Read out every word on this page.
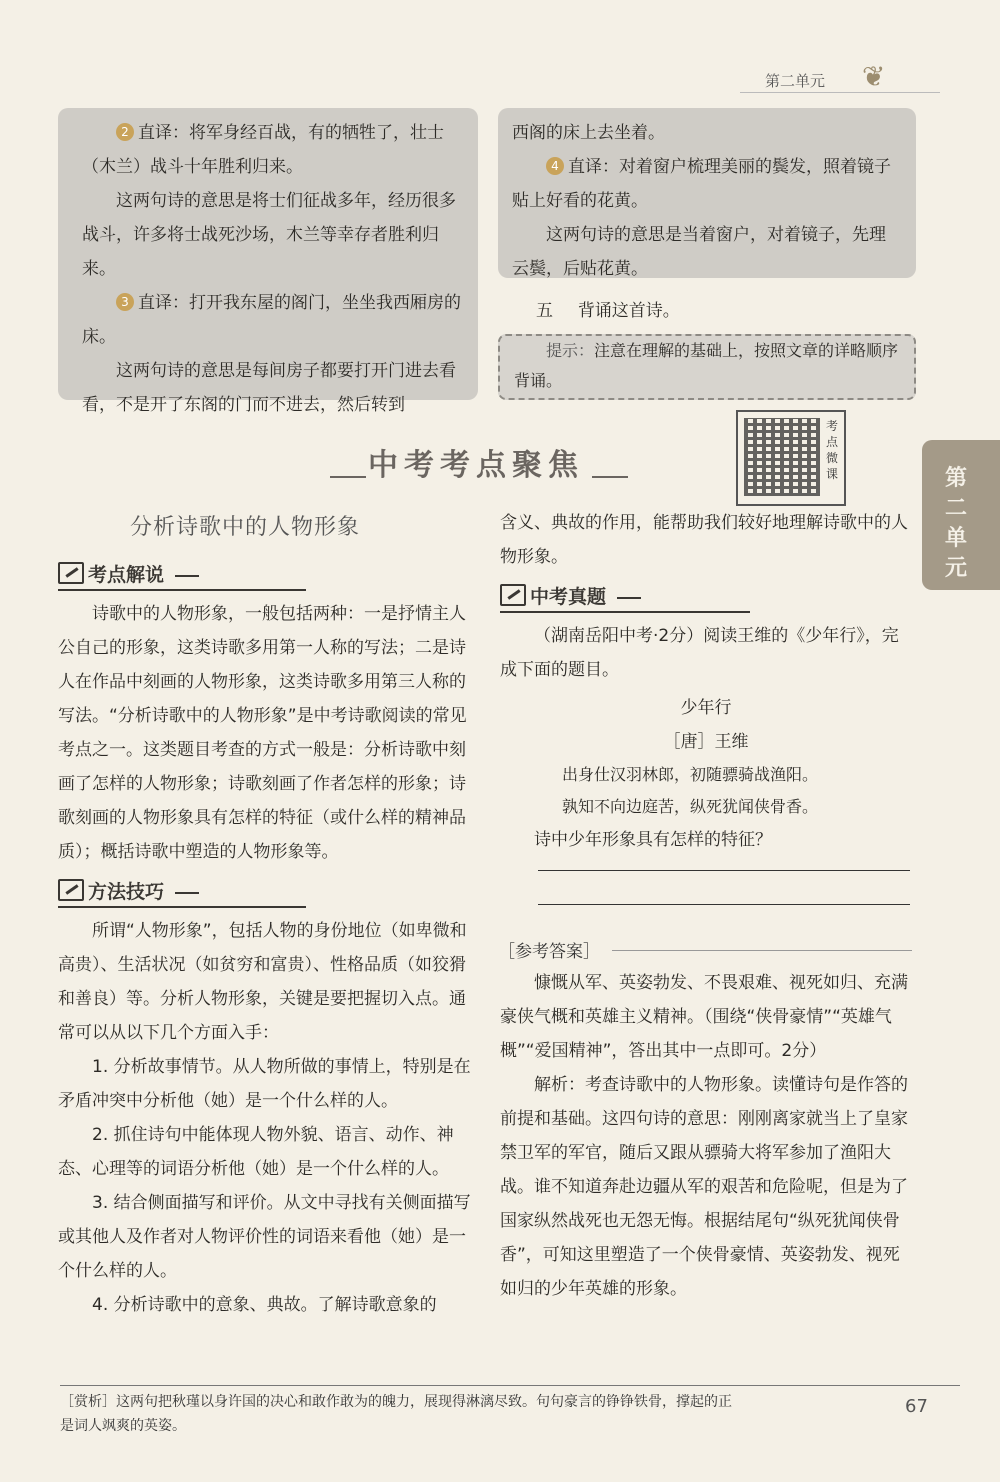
第二单元 ❦

2 直译：将军身经百战，有的牺牲了，壮士（木兰）战斗十年胜利归来。

这两句诗的意思是将士们征战多年，经历很多战斗，许多将士战死沙场，木兰等幸存者胜利归来。

3 直译：打开我东屋的阁门，坐坐我西厢房的床。

这两句诗的意思是每间房子都要打开门进去看看，不是开了东阁的门而不进去，然后转到

西阁的床上去坐着。

4 直译：对着窗户梳理美丽的鬓发，照着镜子贴上好看的花黄。

这两句诗的意思是当着窗户，对着镜子，先理云鬓，后贴花黄。

五 背诵这首诗。

提示：注意在理解的基础上，按照文章的详略顺序背诵。

中考考点聚焦
考点微课	第二单元
分析诗歌中的人物形象
考点解说

诗歌中的人物形象，一般包括两种：一是抒情主人公自己的形象，这类诗歌多用第一人称的写法；二是诗人在作品中刻画的人物形象，这类诗歌多用第三人称的写法。“分析诗歌中的人物形象”是中考诗歌阅读的常见考点之一。这类题目考查的方式一般是：分析诗歌中刻画了怎样的人物形象；诗歌刻画了作者怎样的形象；诗歌刻画的人物形象具有怎样的特征（或什么样的精神品质）；概括诗歌中塑造的人物形象等。

方法技巧

所谓“人物形象”，包括人物的身份地位（如卑微和高贵）、生活状况（如贫穷和富贵）、性格品质（如狡猾和善良）等。分析人物形象，关键是要把握切入点。通常可以从以下几个方面入手：

1. 分析故事情节。从人物所做的事情上，特别是在矛盾冲突中分析他（她）是一个什么样的人。

2. 抓住诗句中能体现人物外貌、语言、动作、神态、心理等的词语分析他（她）是一个什么样的人。

3. 结合侧面描写和评价。从文中寻找有关侧面描写或其他人及作者对人物评价性的词语来看他（她）是一个什么样的人。

4. 分析诗歌中的意象、典故。了解诗歌意象的

含义、典故的作用，能帮助我们较好地理解诗歌中的人物形象。

中考真题

（湖南岳阳中考·2分）阅读王维的《少年行》，完成下面的题目。

少年行

［唐］王维

出身仕汉羽林郎，初随骠骑战渔阳。

孰知不向边庭苦，纵死犹闻侠骨香。

诗中少年形象具有怎样的特征？

［参考答案］

慷慨从军、英姿勃发、不畏艰难、视死如归、充满豪侠气概和英雄主义精神。（围绕“侠骨豪情”“英雄气概”“爱国精神”，答出其中一点即可。2分）

解析：考查诗歌中的人物形象。读懂诗句是作答的前提和基础。这四句诗的意思：刚刚离家就当上了皇家禁卫军的军官，随后又跟从骠骑大将军参加了渔阳大战。谁不知道奔赴边疆从军的艰苦和危险呢，但是为了国家纵然战死也无怨无悔。根据结尾句“纵死犹闻侠骨香”，可知这里塑造了一个侠骨豪情、英姿勃发、视死如归的少年英雄的形象。

［赏析］这两句把秋瑾以身许国的决心和敢作敢为的魄力，展现得淋漓尽致。句句豪言的铮铮铁骨，撑起的正

是词人飒爽的英姿。

67
